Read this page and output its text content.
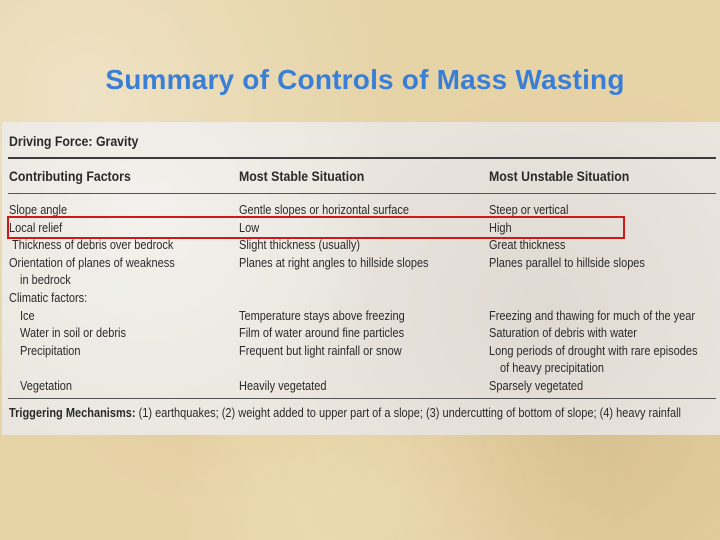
Summary of Controls of Mass Wasting
Driving Force: Gravity
Contributing Factors	Most Stable Situation	Most Unstable Situation
Slope angle	Gentle slopes or horizontal surface	Steep or vertical
Local relief	Low	High
Thickness of debris over bedrock	Slight thickness (usually)	Great thickness
Orientation of planes of weakness	Planes at right angles to hillside slopes	Planes parallel to hillside slopes
in bedrock
Climatic factors:
Ice	Temperature stays above freezing	Freezing and thawing for much of the year
Water in soil or debris	Film of water around fine particles	Saturation of debris with water
Precipitation	Frequent but light rainfall or snow	Long periods of drought with rare episodes
of heavy precipitation
Vegetation	Heavily vegetated	Sparsely vegetated
Triggering Mechanisms: (1) earthquakes; (2) weight added to upper part of a slope; (3) undercutting of bottom of slope; (4) heavy rainfall
